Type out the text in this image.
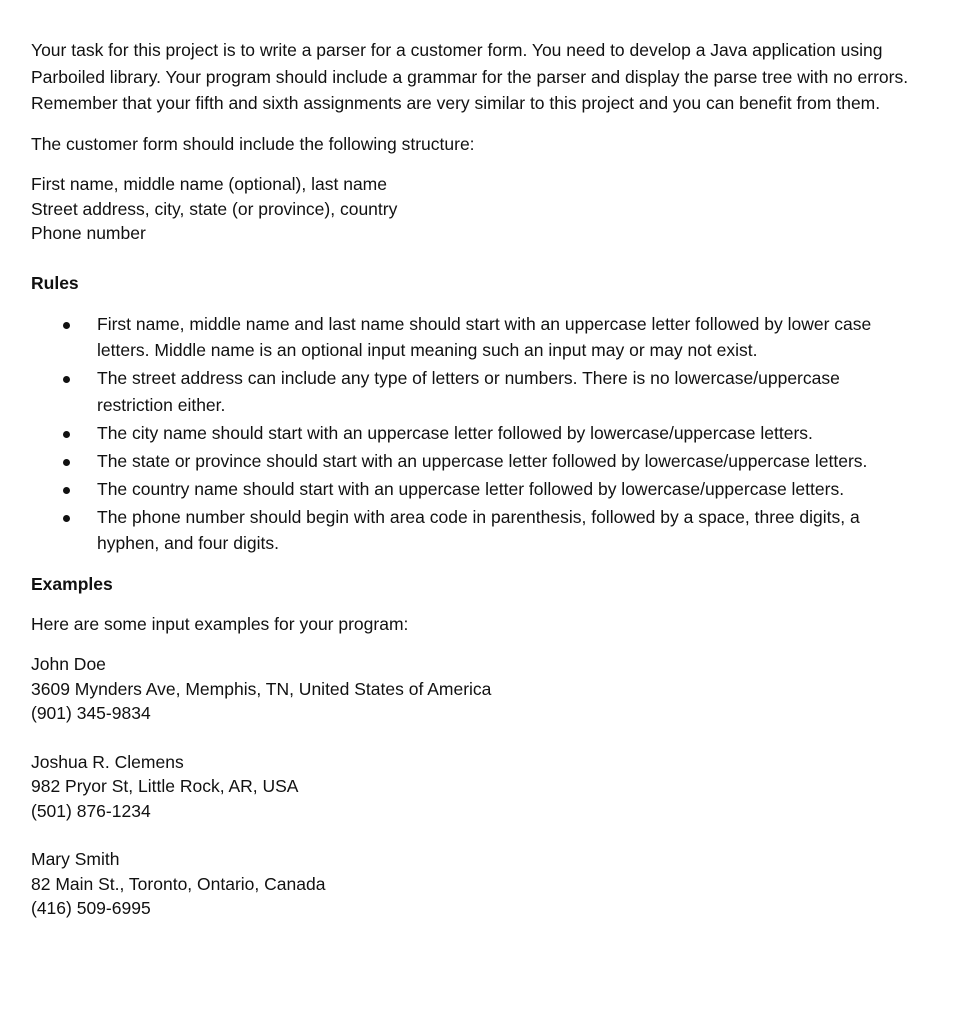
Your task for this project is to write a parser for a customer form. You need to develop a Java application using Parboiled library. Your program should include a grammar for the parser and display the parse tree with no errors. Remember that your fifth and sixth assignments are very similar to this project and you can benefit from them.

The customer form should include the following structure:

First name, middle name (optional), last name
Street address, city, state (or province), country
Phone number

Rules

First name, middle name and last name should start with an uppercase letter followed by lower case letters. Middle name is an optional input meaning such an input may or may not exist.
The street address can include any type of letters or numbers. There is no lowercase/uppercase restriction either.
The city name should start with an uppercase letter followed by lowercase/uppercase letters.
The state or province should start with an uppercase letter followed by lowercase/uppercase letters.
The country name should start with an uppercase letter followed by lowercase/uppercase letters.
The phone number should begin with area code in parenthesis, followed by a space, three digits, a hyphen, and four digits.

Examples

Here are some input examples for your program:

John Doe
3609 Mynders Ave, Memphis, TN, United States of America
(901) 345-9834
Joshua R. Clemens
982 Pryor St, Little Rock, AR, USA
(501) 876-1234
Mary Smith
82 Main St., Toronto, Ontario, Canada
(416) 509-6995
